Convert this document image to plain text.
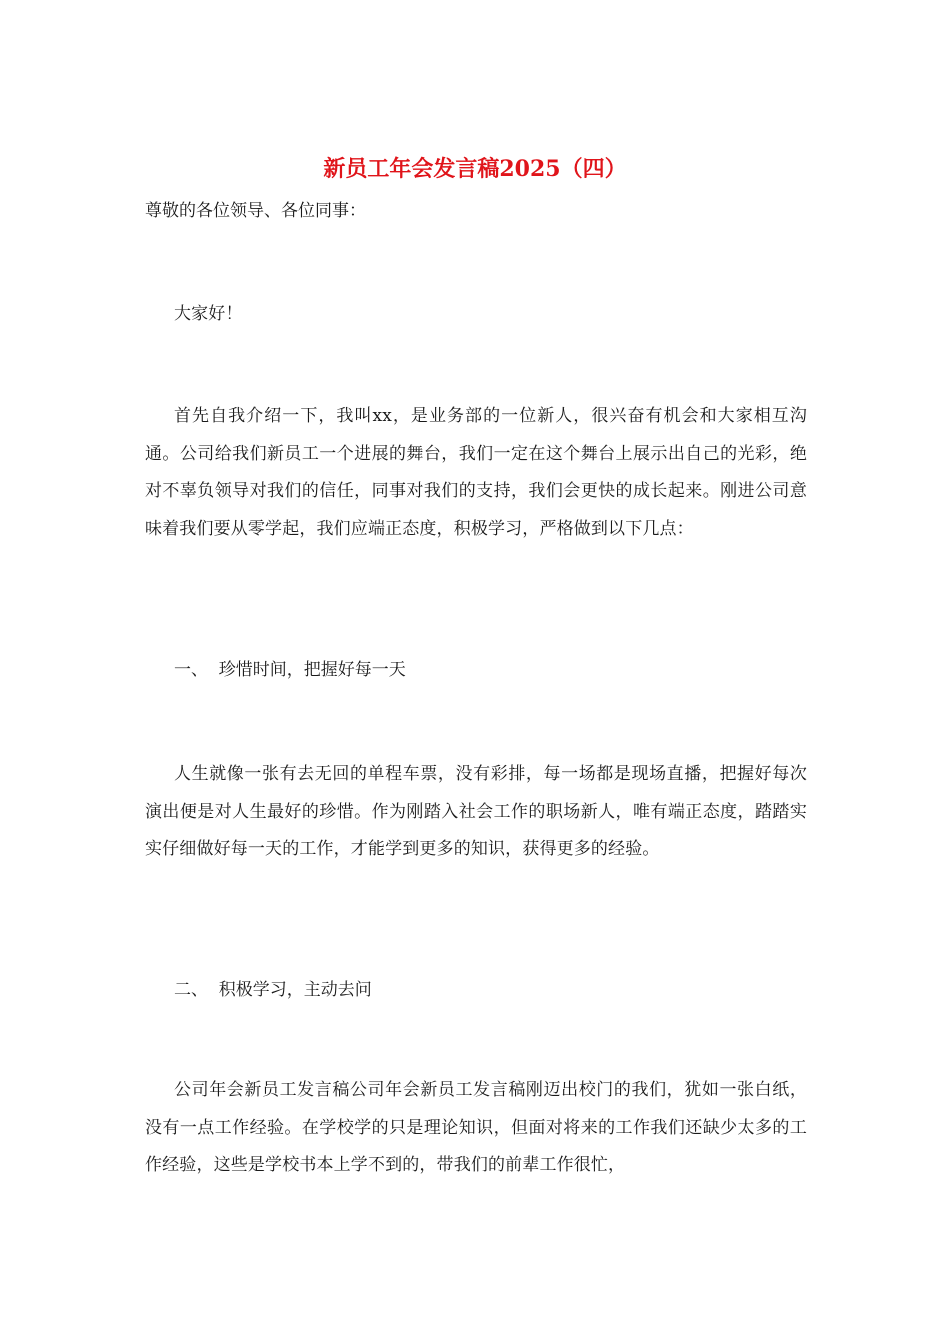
新员工年会发言稿2025（四）

尊敬的各位领导、各位同事：

大家好！

首先自我介绍一下，我叫xx，是业务部的一位新人，很兴奋有机会和大家相互沟通。公司给我们新员工一个进展的舞台，我们一定在这个舞台上展示出自己的光彩，绝对不辜负领导对我们的信任，同事对我们的支持，我们会更快的成长起来。刚进公司意味着我们要从零学起，我们应端正态度，积极学习，严格做到以下几点：

一、  珍惜时间，把握好每一天

人生就像一张有去无回的单程车票，没有彩排，每一场都是现场直播，把握好每次演出便是对人生最好的珍惜。作为刚踏入社会工作的职场新人，唯有端正态度，踏踏实实仔细做好每一天的工作，才能学到更多的知识，获得更多的经验。

二、  积极学习，主动去问

公司年会新员工发言稿公司年会新员工发言稿刚迈出校门的我们，犹如一张白纸，没有一点工作经验。在学校学的只是理论知识，但面对将来的工作我们还缺少太多的工作经验，这些是学校书本上学不到的，带我们的前辈工作很忙，
